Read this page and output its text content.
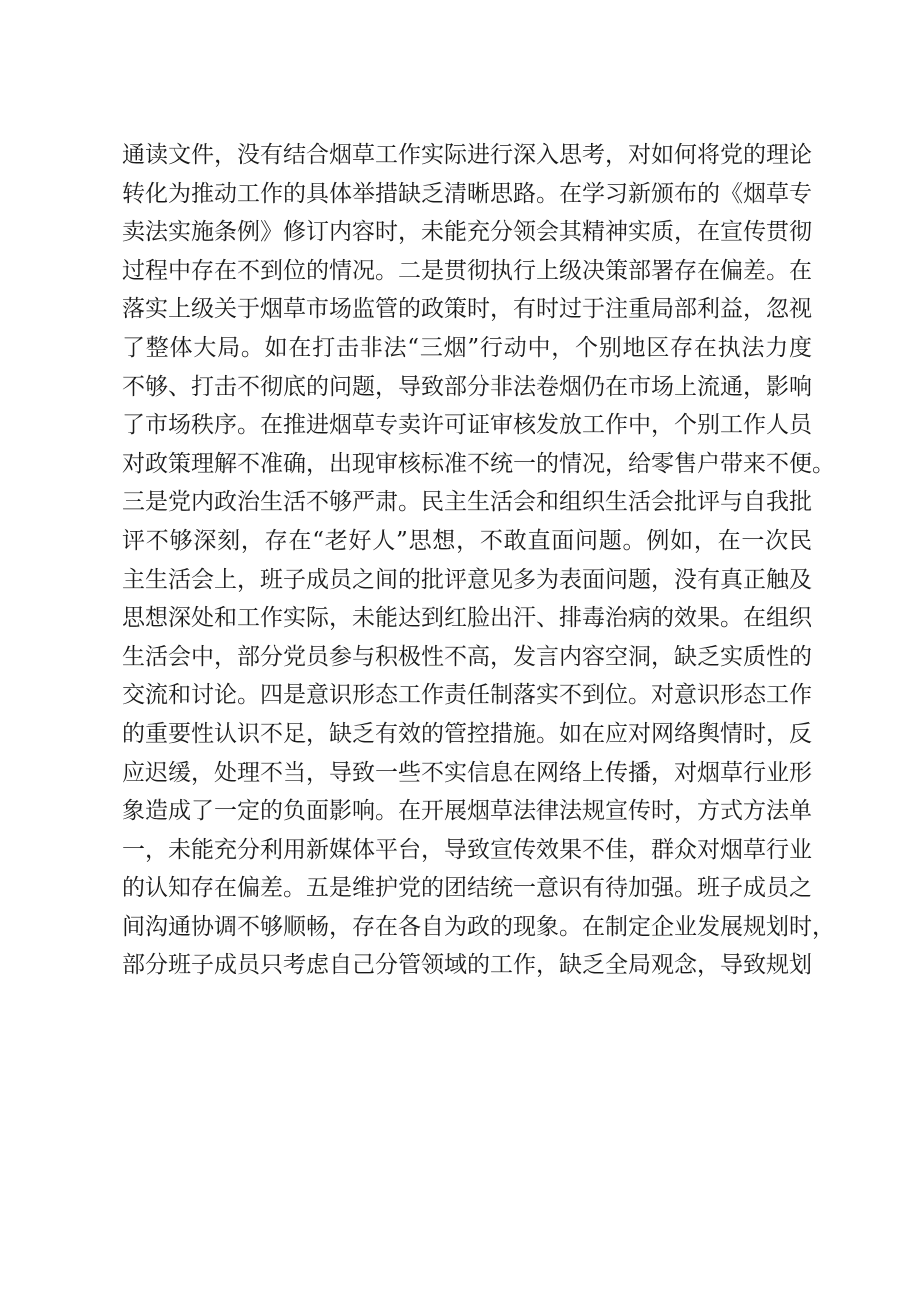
通读文件，没有结合烟草工作实际进行深入思考，对如何将党的理论
转化为推动工作的具体举措缺乏清晰思路。在学习新颁布的《烟草专
卖法实施条例》修订内容时，未能充分领会其精神实质，在宣传贯彻
过程中存在不到位的情况。二是贯彻执行上级决策部署存在偏差。在
落实上级关于烟草市场监管的政策时，有时过于注重局部利益，忽视
了整体大局。如在打击非法“三烟”行动中，个别地区存在执法力度
不够、打击不彻底的问题，导致部分非法卷烟仍在市场上流通，影响
了市场秩序。在推进烟草专卖许可证审核发放工作中，个别工作人员
对政策理解不准确，出现审核标准不统一的情况，给零售户带来不便。
三是党内政治生活不够严肃。民主生活会和组织生活会批评与自我批
评不够深刻，存在“老好人”思想，不敢直面问题。例如，在一次民
主生活会上，班子成员之间的批评意见多为表面问题，没有真正触及
思想深处和工作实际，未能达到红脸出汗、排毒治病的效果。在组织
生活会中，部分党员参与积极性不高，发言内容空洞，缺乏实质性的
交流和讨论。四是意识形态工作责任制落实不到位。对意识形态工作
的重要性认识不足，缺乏有效的管控措施。如在应对网络舆情时，反
应迟缓，处理不当，导致一些不实信息在网络上传播，对烟草行业形
象造成了一定的负面影响。在开展烟草法律法规宣传时，方式方法单
一，未能充分利用新媒体平台，导致宣传效果不佳，群众对烟草行业
的认知存在偏差。五是维护党的团结统一意识有待加强。班子成员之
间沟通协调不够顺畅，存在各自为政的现象。在制定企业发展规划时，
部分班子成员只考虑自己分管领域的工作，缺乏全局观念，导致规划
